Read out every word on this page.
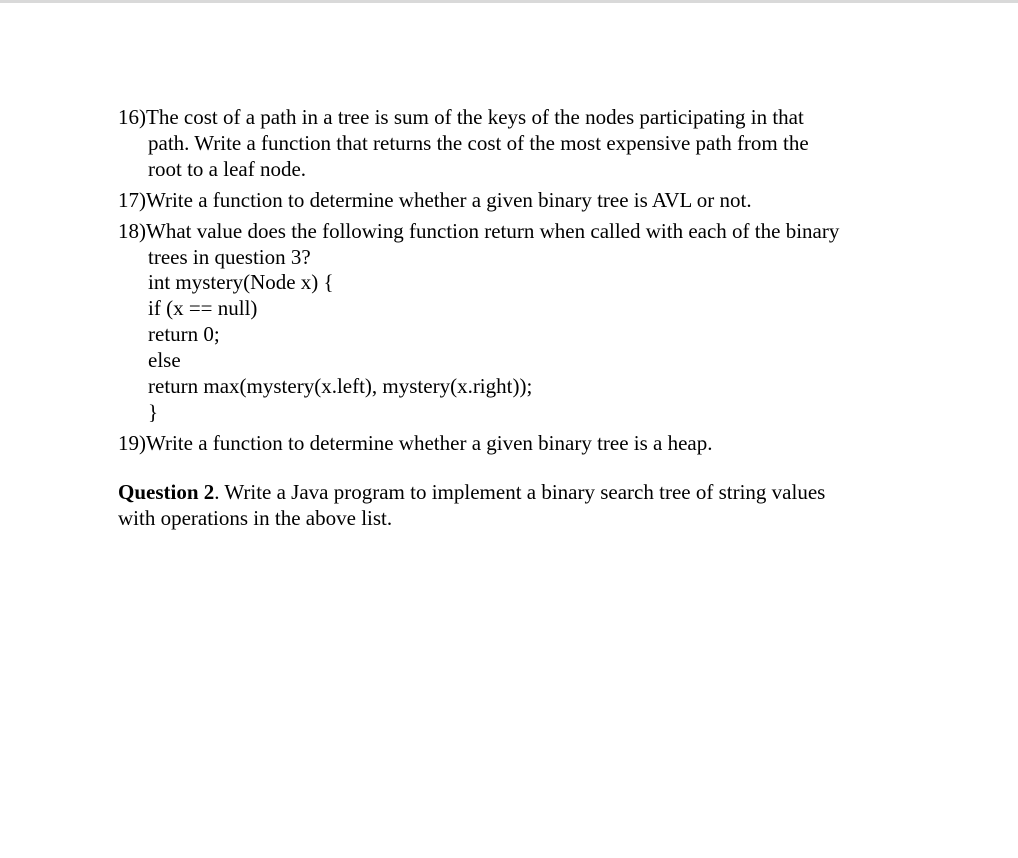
16)The cost of a path in a tree is sum of the keys of the nodes participating in that
path. Write a function that returns the cost of the most expensive path from the
root to a leaf node.
17)Write a function to determine whether a given binary tree is AVL or not.
18)What value does the following function return when called with each of the binary
trees in question 3?
int mystery(Node x) {
if (x == null)
return 0;
else
return max(mystery(x.left), mystery(x.right));
}
19)Write a function to determine whether a given binary tree is a heap.
Question 2. Write a Java program to implement a binary search tree of string values
with operations in the above list.
